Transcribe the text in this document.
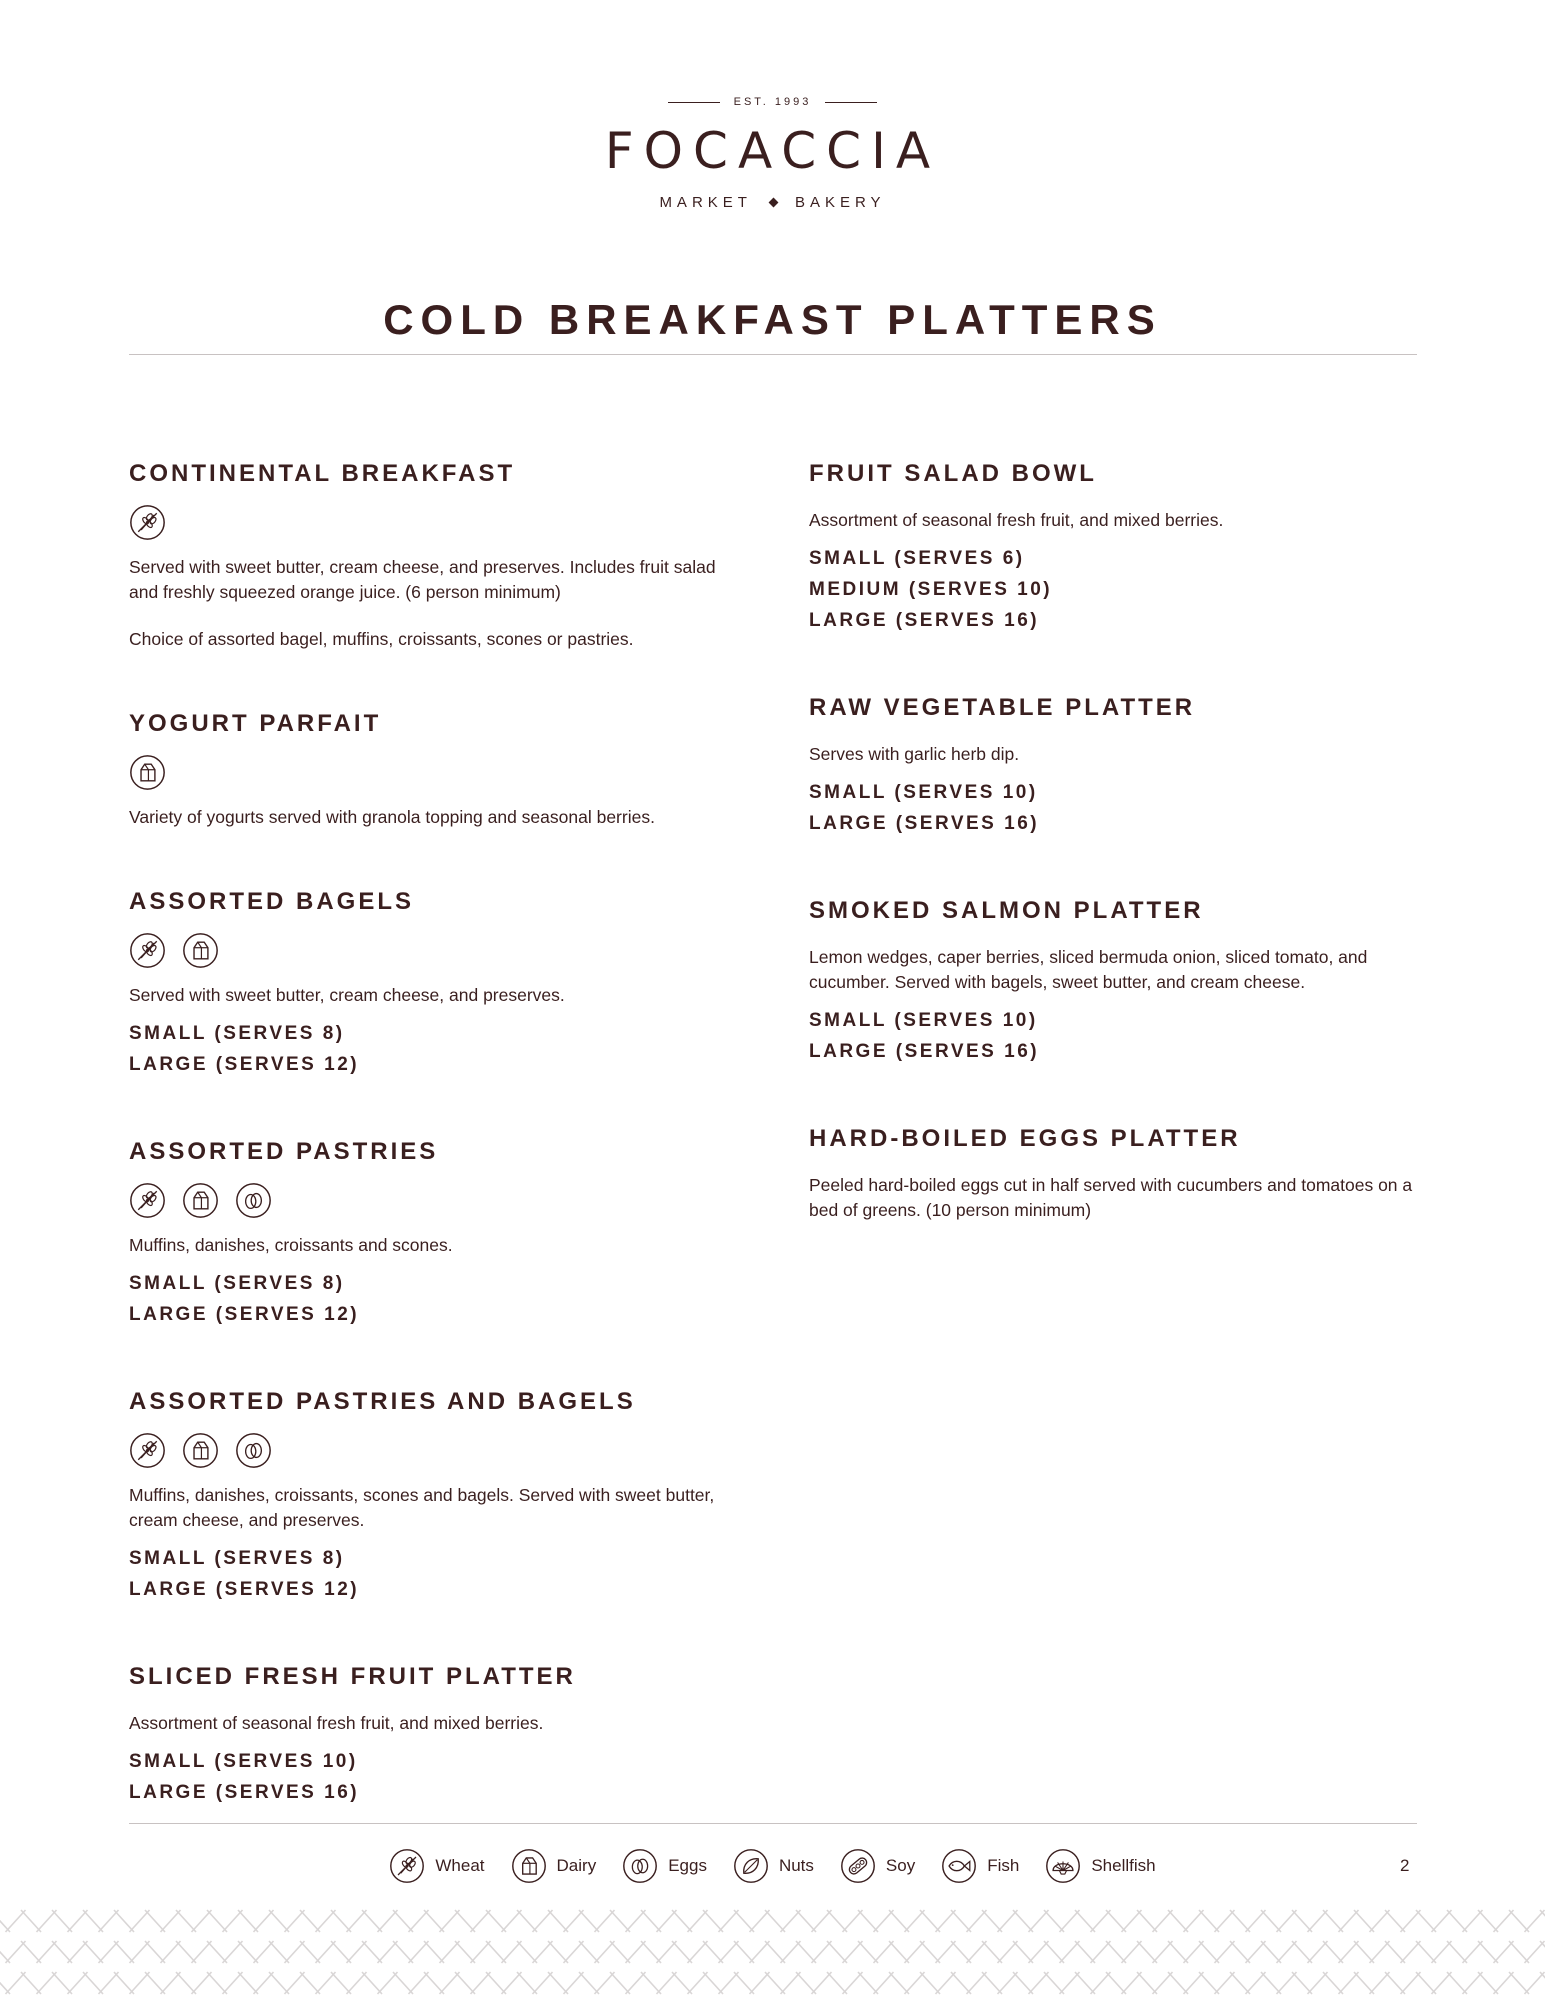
EST. 1993
FOCACCIA
MARKET	BAKERY
COLD BREAKFAST PLATTERS
CONTINENTAL BREAKFAST

Served with sweet butter, cream cheese, and preserves. Includes fruit salad and freshly squeezed orange juice. (6 person minimum)

Choice of assorted bagel, muffins, croissants, scones or pastries.

YOGURT PARFAIT

Variety of yogurts served with granola topping and seasonal berries.

ASSORTED BAGELS

Served with sweet butter, cream cheese, and preserves.

SMALL (SERVES 8)
LARGE (SERVES 12)
ASSORTED PASTRIES

Muffins, danishes, croissants and scones.

SMALL (SERVES 8)
LARGE (SERVES 12)
ASSORTED PASTRIES AND BAGELS

Muffins, danishes, croissants, scones and bagels. Served with sweet butter, cream cheese, and preserves.

SMALL (SERVES 8)
LARGE (SERVES 12)
SLICED FRESH FRUIT PLATTER

Assortment of seasonal fresh fruit, and mixed berries.

SMALL (SERVES 10)
LARGE (SERVES 16)
FRUIT SALAD BOWL

Assortment of seasonal fresh fruit, and mixed berries.

SMALL (SERVES 6)
MEDIUM (SERVES 10)
LARGE (SERVES 16)
RAW VEGETABLE PLATTER

Serves with garlic herb dip.

SMALL (SERVES 10)
LARGE (SERVES 16)
SMOKED SALMON PLATTER

Lemon wedges, caper berries, sliced bermuda onion, sliced tomato, and cucumber. Served with bagels, sweet butter, and cream cheese.

SMALL (SERVES 10)
LARGE (SERVES 16)
HARD-BOILED EGGS PLATTER

Peeled hard-boiled eggs cut in half served with cucumbers and tomatoes on a bed of greens. (10 person minimum)

Wheat	Dairy	Eggs	Nuts	Soy	Fish	Shellfish	2
